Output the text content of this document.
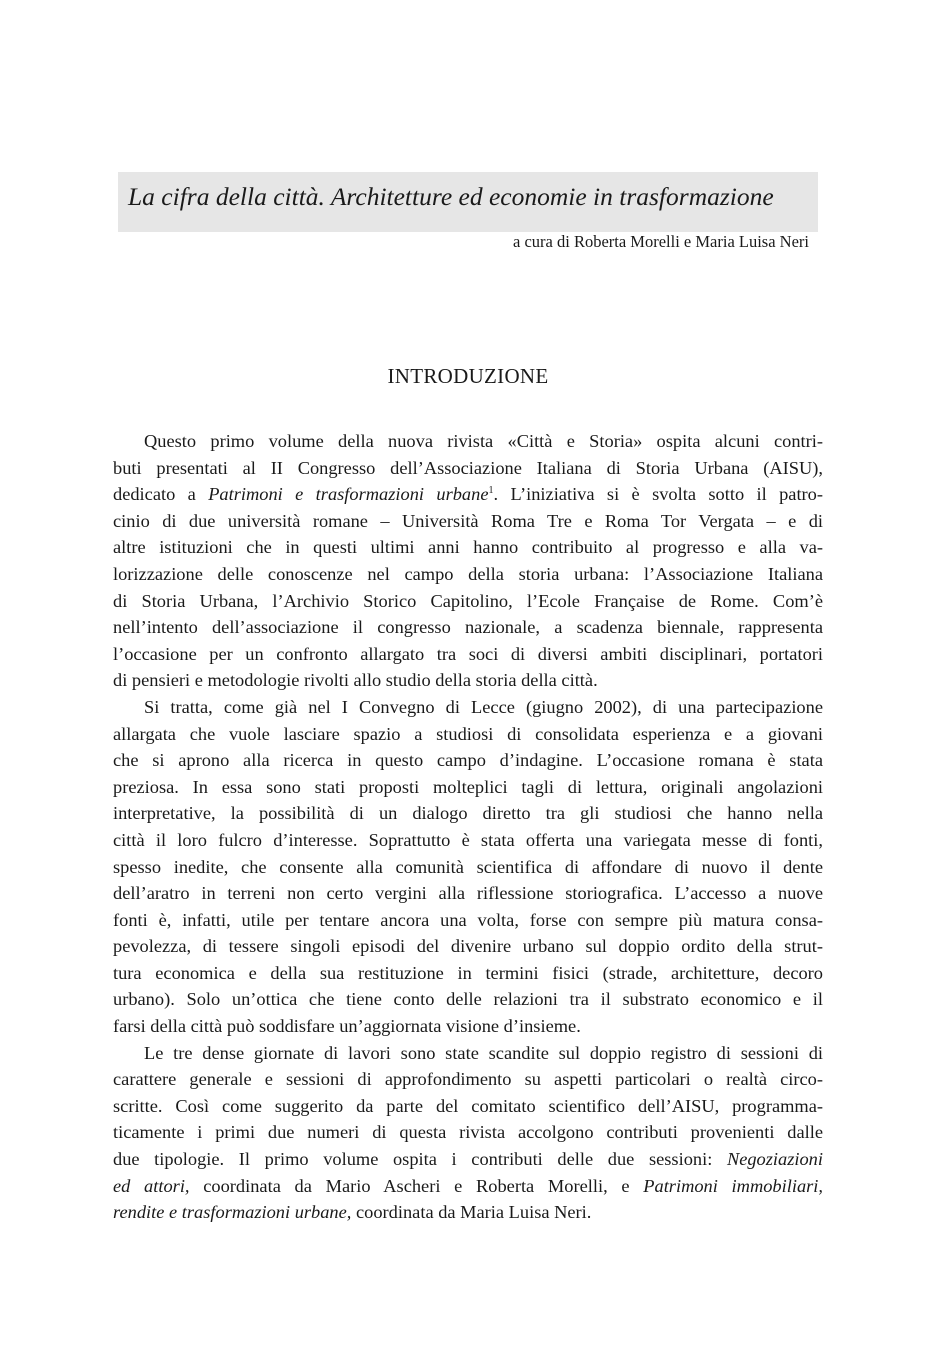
La cifra della città. Architetture ed economie in trasformazione
a cura di Roberta Morelli e Maria Luisa Neri
INTRODUZIONE
Questo primo volume della nuova rivista «Città e Storia» ospita alcuni contri-
buti presentati al II Congresso dell’Associazione Italiana di Storia Urbana (AISU),
dedicato a Patrimoni e trasformazioni urbane$^1$. L’iniziativa si è svolta sotto il patro-
cinio di due università romane – Università Roma Tre e Roma Tor Vergata – e di
altre istituzioni che in questi ultimi anni hanno contribuito al progresso e alla va-
lorizzazione delle conoscenze nel campo della storia urbana: l’Associazione Italiana
di Storia Urbana, l’Archivio Storico Capitolino, l’Ecole Française de Rome. Com’è
nell’intento dell’associazione il congresso nazionale, a scadenza biennale, rappresenta
l’occasione per un confronto allargato tra soci di diversi ambiti disciplinari, portatori
di pensieri e metodologie rivolti allo studio della storia della città.
Si tratta, come già nel I Convegno di Lecce (giugno 2002), di una partecipazione
allargata che vuole lasciare spazio a studiosi di consolidata esperienza e a giovani
che si aprono alla ricerca in questo campo d’indagine. L’occasione romana è stata
preziosa. In essa sono stati proposti molteplici tagli di lettura, originali angolazioni
interpretative, la possibilità di un dialogo diretto tra gli studiosi che hanno nella
città il loro fulcro d’interesse. Soprattutto è stata offerta una variegata messe di fonti,
spesso inedite, che consente alla comunità scientifica di affondare di nuovo il dente
dell’aratro in terreni non certo vergini alla riflessione storiografica. L’accesso a nuove
fonti è, infatti, utile per tentare ancora una volta, forse con sempre più matura consa-
pevolezza, di tessere singoli episodi del divenire urbano sul doppio ordito della strut-
tura economica e della sua restituzione in termini fisici (strade, architetture, decoro
urbano). Solo un’ottica che tiene conto delle relazioni tra il substrato economico e il
farsi della città può soddisfare un’aggiornata visione d’insieme.
Le tre dense giornate di lavori sono state scandite sul doppio registro di sessioni di
carattere generale e sessioni di approfondimento su aspetti particolari o realtà circo-
scritte. Così come suggerito da parte del comitato scientifico dell’AISU, programma-
ticamente i primi due numeri di questa rivista accolgono contributi provenienti dalle
due tipologie. Il primo volume ospita i contributi delle due sessioni: Negoziazioni
ed attori, coordinata da Mario Ascheri e Roberta Morelli, e Patrimoni immobiliari,
rendite e trasformazioni urbane, coordinata da Maria Luisa Neri.
